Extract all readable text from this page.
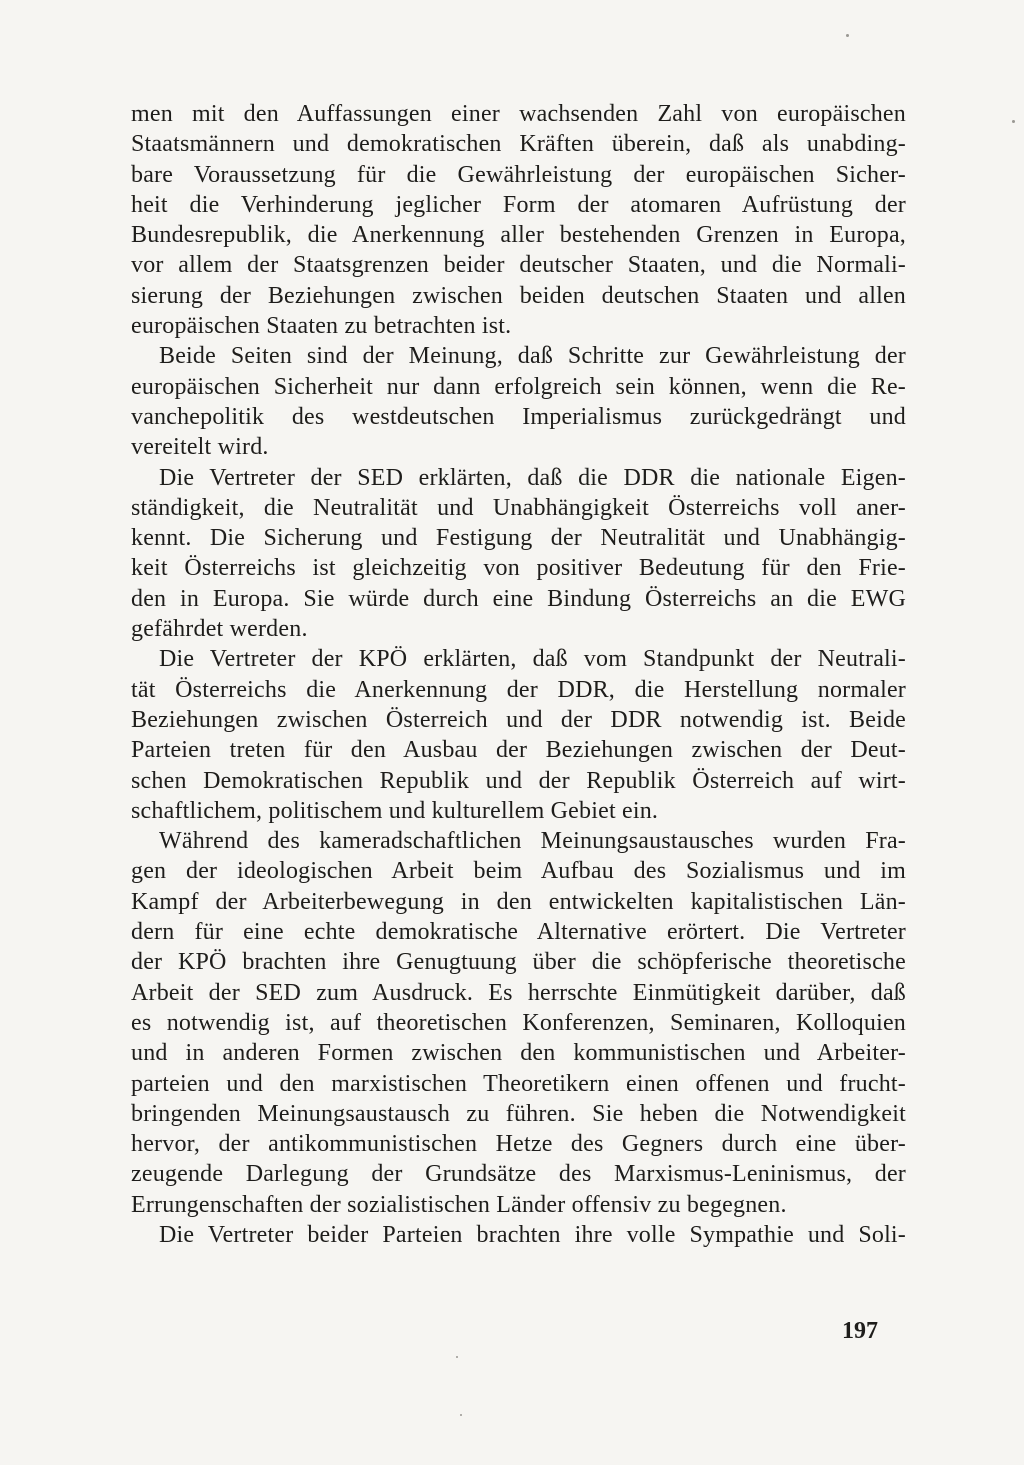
men mit den Auffassungen einer wachsenden Zahl von europäischen
Staatsmännern und demokratischen Kräften überein, daß als unabding-
bare Voraussetzung für die Gewährleistung der europäischen Sicher-
heit die Verhinderung jeglicher Form der atomaren Aufrüstung der
Bundesrepublik, die Anerkennung aller bestehenden Grenzen in Europa,
vor allem der Staatsgrenzen beider deutscher Staaten, und die Normali-
sierung der Beziehungen zwischen beiden deutschen Staaten und allen
europäischen Staaten zu betrachten ist.
Beide Seiten sind der Meinung, daß Schritte zur Gewährleistung der
europäischen Sicherheit nur dann erfolgreich sein können, wenn die Re-
vanchepolitik des westdeutschen Imperialismus zurückgedrängt und
vereitelt wird.
Die Vertreter der SED erklärten, daß die DDR die nationale Eigen-
ständigkeit, die Neutralität und Unabhängigkeit Österreichs voll aner-
kennt. Die Sicherung und Festigung der Neutralität und Unabhängig-
keit Österreichs ist gleichzeitig von positiver Bedeutung für den Frie-
den in Europa. Sie würde durch eine Bindung Österreichs an die EWG
gefährdet werden.
Die Vertreter der KPÖ erklärten, daß vom Standpunkt der Neutrali-
tät Österreichs die Anerkennung der DDR, die Herstellung normaler
Beziehungen zwischen Österreich und der DDR notwendig ist. Beide
Parteien treten für den Ausbau der Beziehungen zwischen der Deut-
schen Demokratischen Republik und der Republik Österreich auf wirt-
schaftlichem, politischem und kulturellem Gebiet ein.
Während des kameradschaftlichen Meinungsaustausches wurden Fra-
gen der ideologischen Arbeit beim Aufbau des Sozialismus und im
Kampf der Arbeiterbewegung in den entwickelten kapitalistischen Län-
dern für eine echte demokratische Alternative erörtert. Die Vertreter
der KPÖ brachten ihre Genugtuung über die schöpferische theoretische
Arbeit der SED zum Ausdruck. Es herrschte Einmütigkeit darüber, daß
es notwendig ist, auf theoretischen Konferenzen, Seminaren, Kolloquien
und in anderen Formen zwischen den kommunistischen und Arbeiter-
parteien und den marxistischen Theoretikern einen offenen und frucht-
bringenden Meinungsaustausch zu führen. Sie heben die Notwendigkeit
hervor, der antikommunistischen Hetze des Gegners durch eine über-
zeugende Darlegung der Grundsätze des Marxismus-Leninismus, der
Errungenschaften der sozialistischen Länder offensiv zu begegnen.
Die Vertreter beider Parteien brachten ihre volle Sympathie und Soli-
197
